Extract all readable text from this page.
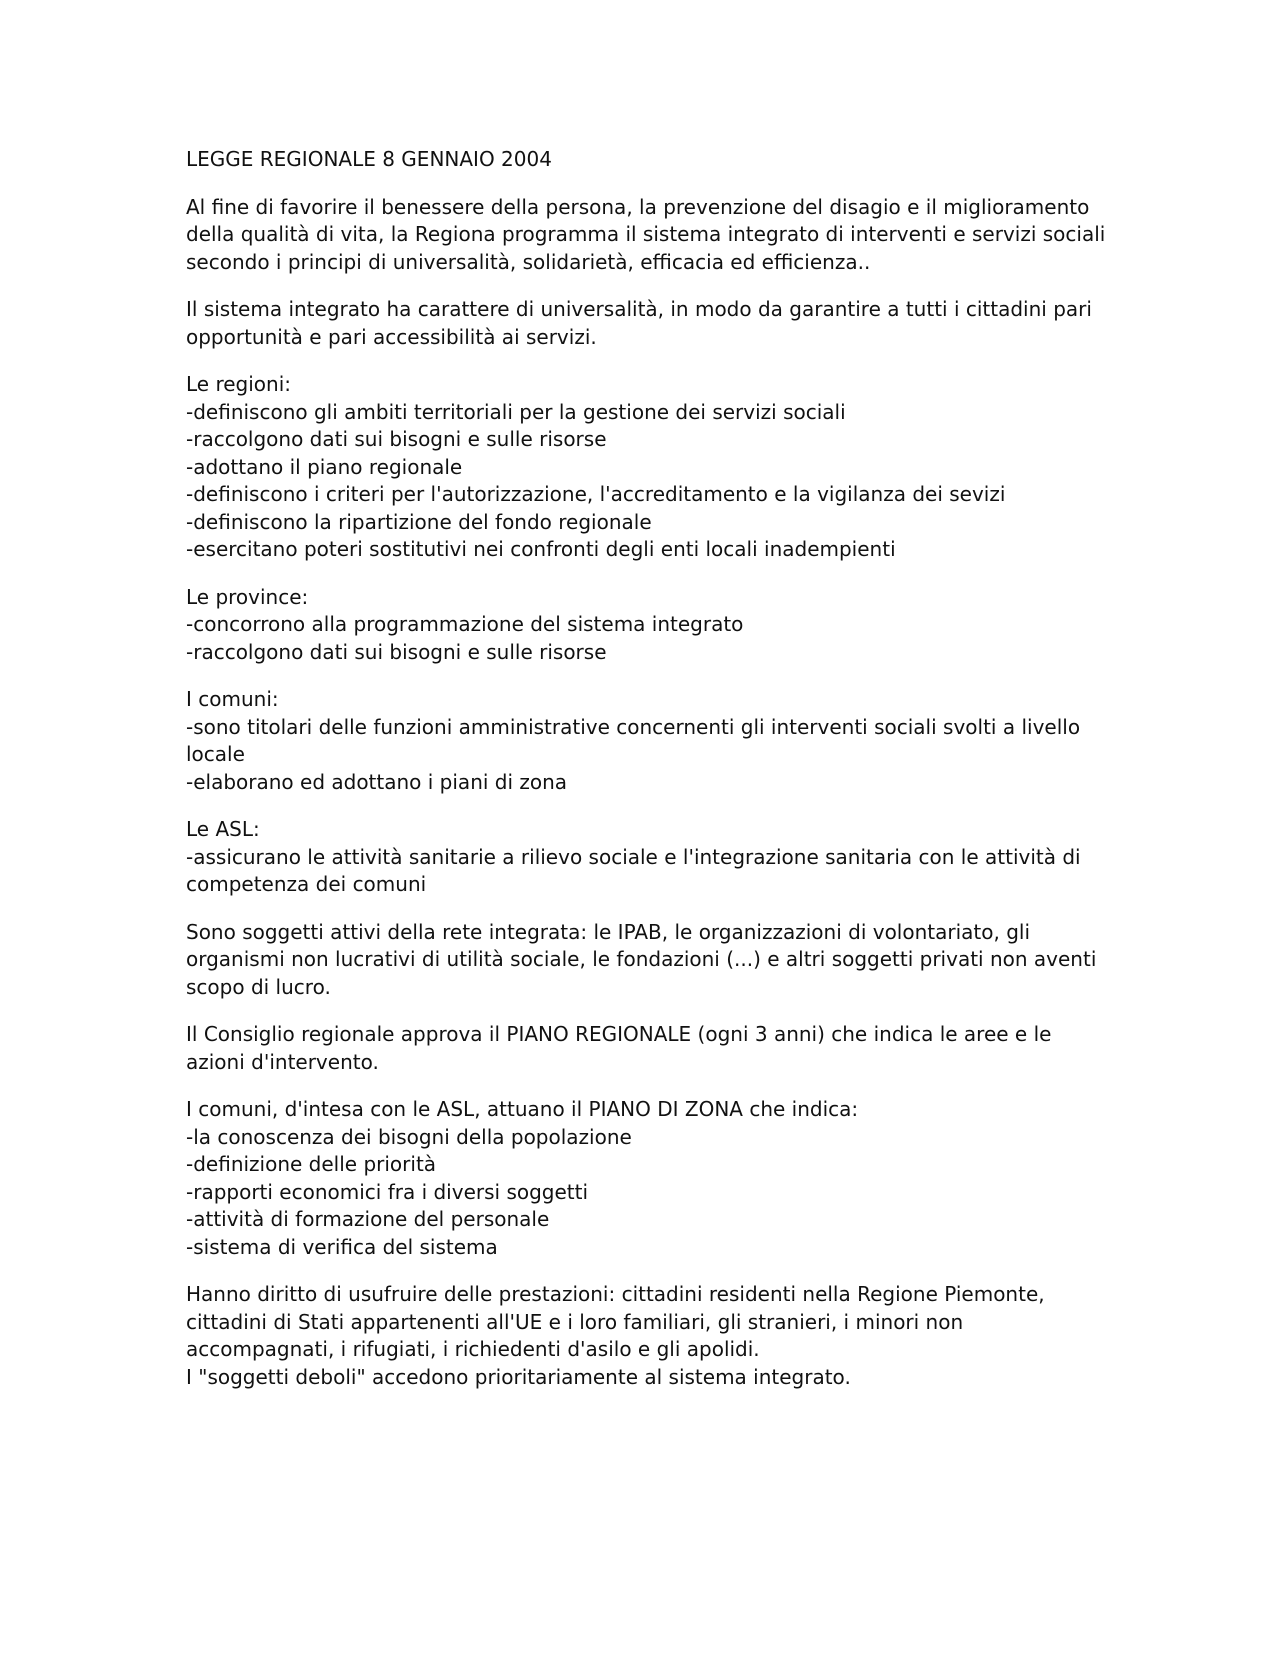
LEGGE REGIONALE 8 GENNAIO 2004

Al fine di favorire il benessere della persona, la prevenzione del disagio e il miglioramento della qualità di vita, la Regiona programma il sistema integrato di interventi e servizi sociali secondo i principi di universalità, solidarietà, efficacia ed efficienza..

Il sistema integrato ha carattere di universalità, in modo da garantire a tutti i cittadini pari opportunità e pari accessibilità ai servizi.

Le regioni:

-definiscono gli ambiti territoriali per la gestione dei servizi sociali
-raccolgono dati sui bisogni e sulle risorse
-adottano il piano regionale
-definiscono i criteri per l'autorizzazione, l'accreditamento e la vigilanza dei sevizi
-definiscono la ripartizione del fondo regionale
-esercitano poteri sostitutivi nei confronti degli enti locali inadempienti

Le province:

-concorrono alla programmazione del sistema integrato
-raccolgono dati sui bisogni e sulle risorse

I comuni:

-sono titolari delle funzioni amministrative concernenti gli interventi sociali svolti a livello locale
-elaborano ed adottano i piani di zona

Le ASL:

-assicurano le attività sanitarie a rilievo sociale e l'integrazione sanitaria con le attività di competenza dei comuni

Sono soggetti attivi della rete integrata: le IPAB, le organizzazioni di volontariato, gli organismi non lucrativi di utilità sociale, le fondazioni (...) e altri soggetti privati non aventi scopo di lucro.

Il Consiglio regionale approva il PIANO REGIONALE (ogni 3 anni) che indica le aree e le azioni d'intervento.

I comuni, d'intesa con le ASL, attuano il PIANO DI ZONA che indica:

-la conoscenza dei bisogni della popolazione
-definizione delle priorità
-rapporti economici fra i diversi soggetti
-attività di formazione del personale
-sistema di verifica del sistema

Hanno diritto di usufruire delle prestazioni: cittadini residenti nella Regione Piemonte, cittadini di Stati appartenenti all'UE e i loro familiari, gli stranieri, i minori non accompagnati, i rifugiati, i richiedenti d'asilo e gli apolidi.

I "soggetti deboli" accedono prioritariamente al sistema integrato.
